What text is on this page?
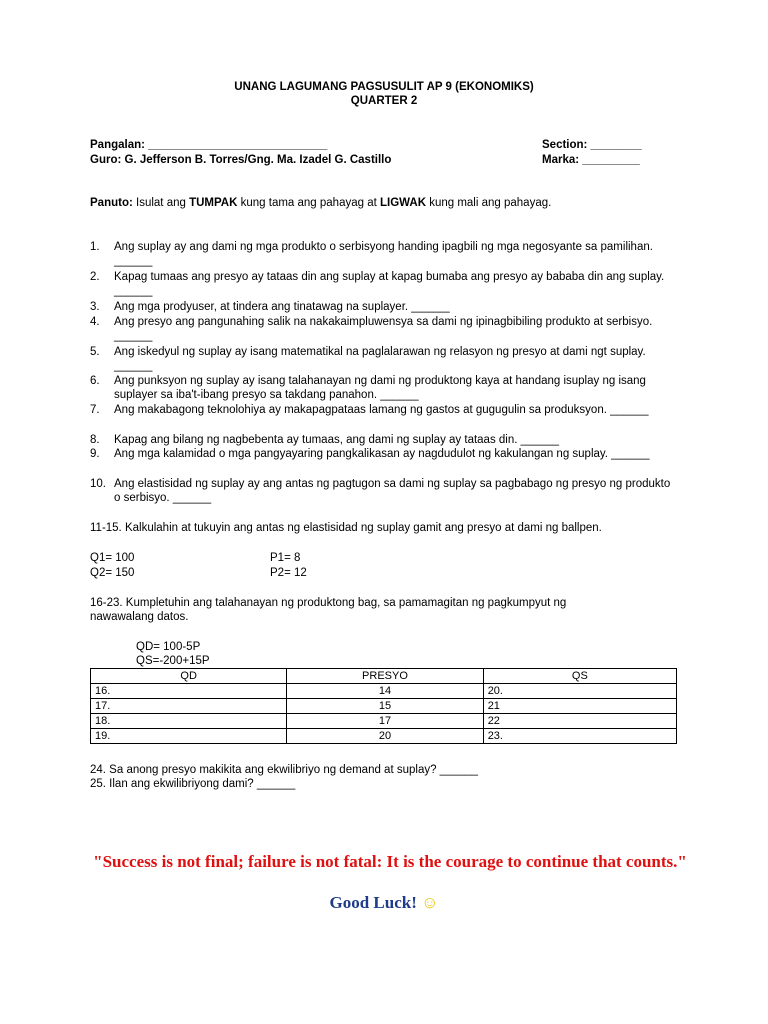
UNANG LAGUMANG PAGSUSULIT AP 9 (EKONOMIKS)
QUARTER 2
Pangalan: ____________________________	Section: ________
Guro: G. Jefferson B. Torres/Gng. Ma. Izadel G. Castillo	Marka: _________
Panuto: Isulat ang TUMPAK kung tama ang pahayag at LIGWAK kung mali ang pahayag.
1.	Ang suplay ay ang dami ng mga produkto o serbisyong handing ipagbili ng mga negosyante sa pamilihan. ______
2.	Kapag tumaas ang presyo ay tataas din ang suplay at kapag bumaba ang presyo ay bababa din ang suplay. ______
3.	Ang mga prodyuser, at tindera ang tinatawag na suplayer. ______
4.	Ang presyo ang pangunahing salik na nakakaimpluwensya sa dami ng ipinagbibiling produkto at serbisyo. ______
5.	Ang iskedyul ng suplay ay isang matematikal na paglalarawan ng relasyon ng presyo at dami ngt suplay. ______
6.	Ang punksyon ng suplay ay isang talahanayan ng dami ng produktong kaya at handang isuplay ng isang suplayer sa iba't-ibang presyo sa takdang panahon. ______
7.	Ang makabagong teknolohiya ay makapagpataas lamang ng gastos at gugugulin sa produksyon. ______
8.	Kapag ang bilang ng nagbebenta ay tumaas, ang dami ng suplay ay tataas din. ______
9.	Ang mga kalamidad o mga pangyayaring pangkalikasan ay nagdudulot ng kakulangan ng suplay. ______
10. Ang elastisidad ng suplay ay ang antas ng pagtugon sa dami ng suplay sa pagbabago ng presyo ng produkto o serbisyo. ______
11-15. Kalkulahin at tukuyin ang antas ng elastisidad ng suplay gamit ang presyo at dami ng ballpen.
Q1= 100	P1= 8
Q2= 150	P2= 12
16-23. Kumpletuhin ang talahanayan ng produktong bag, sa pamamagitan ng pagkumpyut ng
nawawalang datos.
QD= 100-5P
QS=-200+15P
QD	PRESYO	QS
16.	14	20.
17.	15	21
18.	17	22
19.	20	23.
24. Sa anong presyo makikita ang ekwilibriyo ng demand at suplay? ______
25. Ilan ang ekwilibriyong dami? ______
"Success is not final; failure is not fatal: It is the courage to continue that counts."
Good Luck! ☺
